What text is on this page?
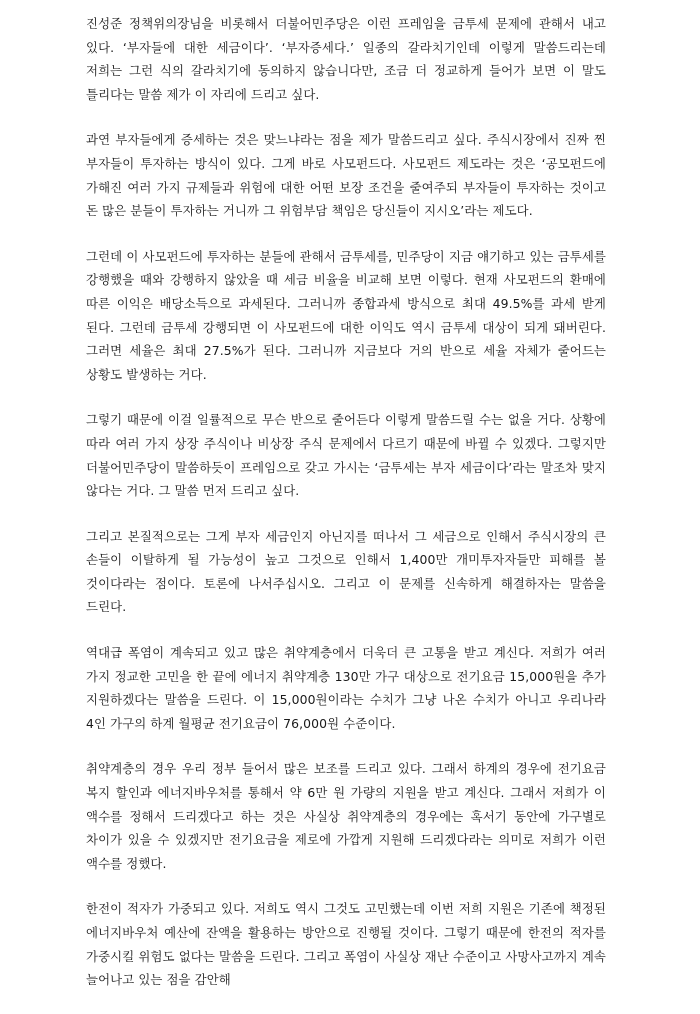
진성준 정책위의장님을 비롯해서 더불어민주당은 이런 프레임을 금투세 문제에 관해서 내고 있다. ‘부자들에 대한 세금이다’. ‘부자증세다.’ 일종의 갈라치기인데 이렇게 말씀드리는데 저희는 그런 식의 갈라치기에 동의하지 않습니다만, 조금 더 정교하게 들어가 보면 이 말도 틀리다는 말씀 제가 이 자리에 드리고 싶다.

과연 부자들에게 증세하는 것은 맞느냐라는 점을 제가 말씀드리고 싶다. 주식시장에서 진짜 찐 부자들이 투자하는 방식이 있다. 그게 바로 사모펀드다. 사모펀드 제도라는 것은 ‘공모펀드에 가해진 여러 가지 규제들과 위험에 대한 어떤 보장 조건을 줄여주되 부자들이 투자하는 것이고 돈 많은 분들이 투자하는 거니까 그 위험부담 책임은 당신들이 지시오’라는 제도다.

그런데 이 사모펀드에 투자하는 분들에 관해서 금투세를, 민주당이 지금 얘기하고 있는 금투세를 강행했을 때와 강행하지 않았을 때 세금 비율을 비교해 보면 이렇다. 현재 사모펀드의 환매에 따른 이익은 배당소득으로 과세된다. 그러니까 종합과세 방식으로 최대 49.5%를 과세 받게 된다. 그런데 금투세 강행되면 이 사모펀드에 대한 이익도 역시 금투세 대상이 되게 돼버린다. 그러면 세율은 최대 27.5%가 된다. 그러니까 지금보다 거의 반으로 세율 자체가 줄어드는 상황도 발생하는 거다.

그렇기 때문에 이걸 일률적으로 무슨 반으로 줄어든다 이렇게 말씀드릴 수는 없을 거다. 상황에 따라 여러 가지 상장 주식이나 비상장 주식 문제에서 다르기 때문에 바뀔 수 있겠다. 그렇지만 더불어민주당이 말씀하듯이 프레임으로 갖고 가시는 ‘금투세는 부자 세금이다’라는 말조차 맞지 않다는 거다. 그 말씀 먼저 드리고 싶다.

그리고 본질적으로는 그게 부자 세금인지 아닌지를 떠나서 그 세금으로 인해서 주식시장의 큰 손들이 이탈하게 될 가능성이 높고 그것으로 인해서 1,400만 개미투자자들만 피해를 볼 것이다라는 점이다. 토론에 나서주십시오. 그리고 이 문제를 신속하게 해결하자는 말씀을 드린다.

역대급 폭염이 계속되고 있고 많은 취약계층에서 더욱더 큰 고통을 받고 계신다. 저희가 여러 가지 정교한 고민을 한 끝에 에너지 취약계층 130만 가구 대상으로 전기요금 15,000원을 추가 지원하겠다는 말씀을 드린다. 이 15,000원이라는 수치가 그냥 나온 수치가 아니고 우리나라 4인 가구의 하계 월평균 전기요금이 76,000원 수준이다.

취약계층의 경우 우리 정부 들어서 많은 보조를 드리고 있다. 그래서 하계의 경우에 전기요금 복지 할인과 에너지바우처를 통해서 약 6만 원 가량의 지원을 받고 계신다. 그래서 저희가 이 액수를 정해서 드리겠다고 하는 것은 사실상 취약계층의 경우에는 혹서기 동안에 가구별로 차이가 있을 수 있겠지만 전기요금을 제로에 가깝게 지원해 드리겠다라는 의미로 저희가 이런 액수를 정했다.

한전이 적자가 가중되고 있다. 저희도 역시 그것도 고민했는데 이번 저희 지원은 기존에 책정된 에너지바우처 예산에 잔액을 활용하는 방안으로 진행될 것이다. 그렇기 때문에 한전의 적자를 가중시킬 위험도 없다는 말씀을 드린다. 그리고 폭염이 사실상 재난 수준이고 사망사고까지 계속 늘어나고 있는 점을 감안해
